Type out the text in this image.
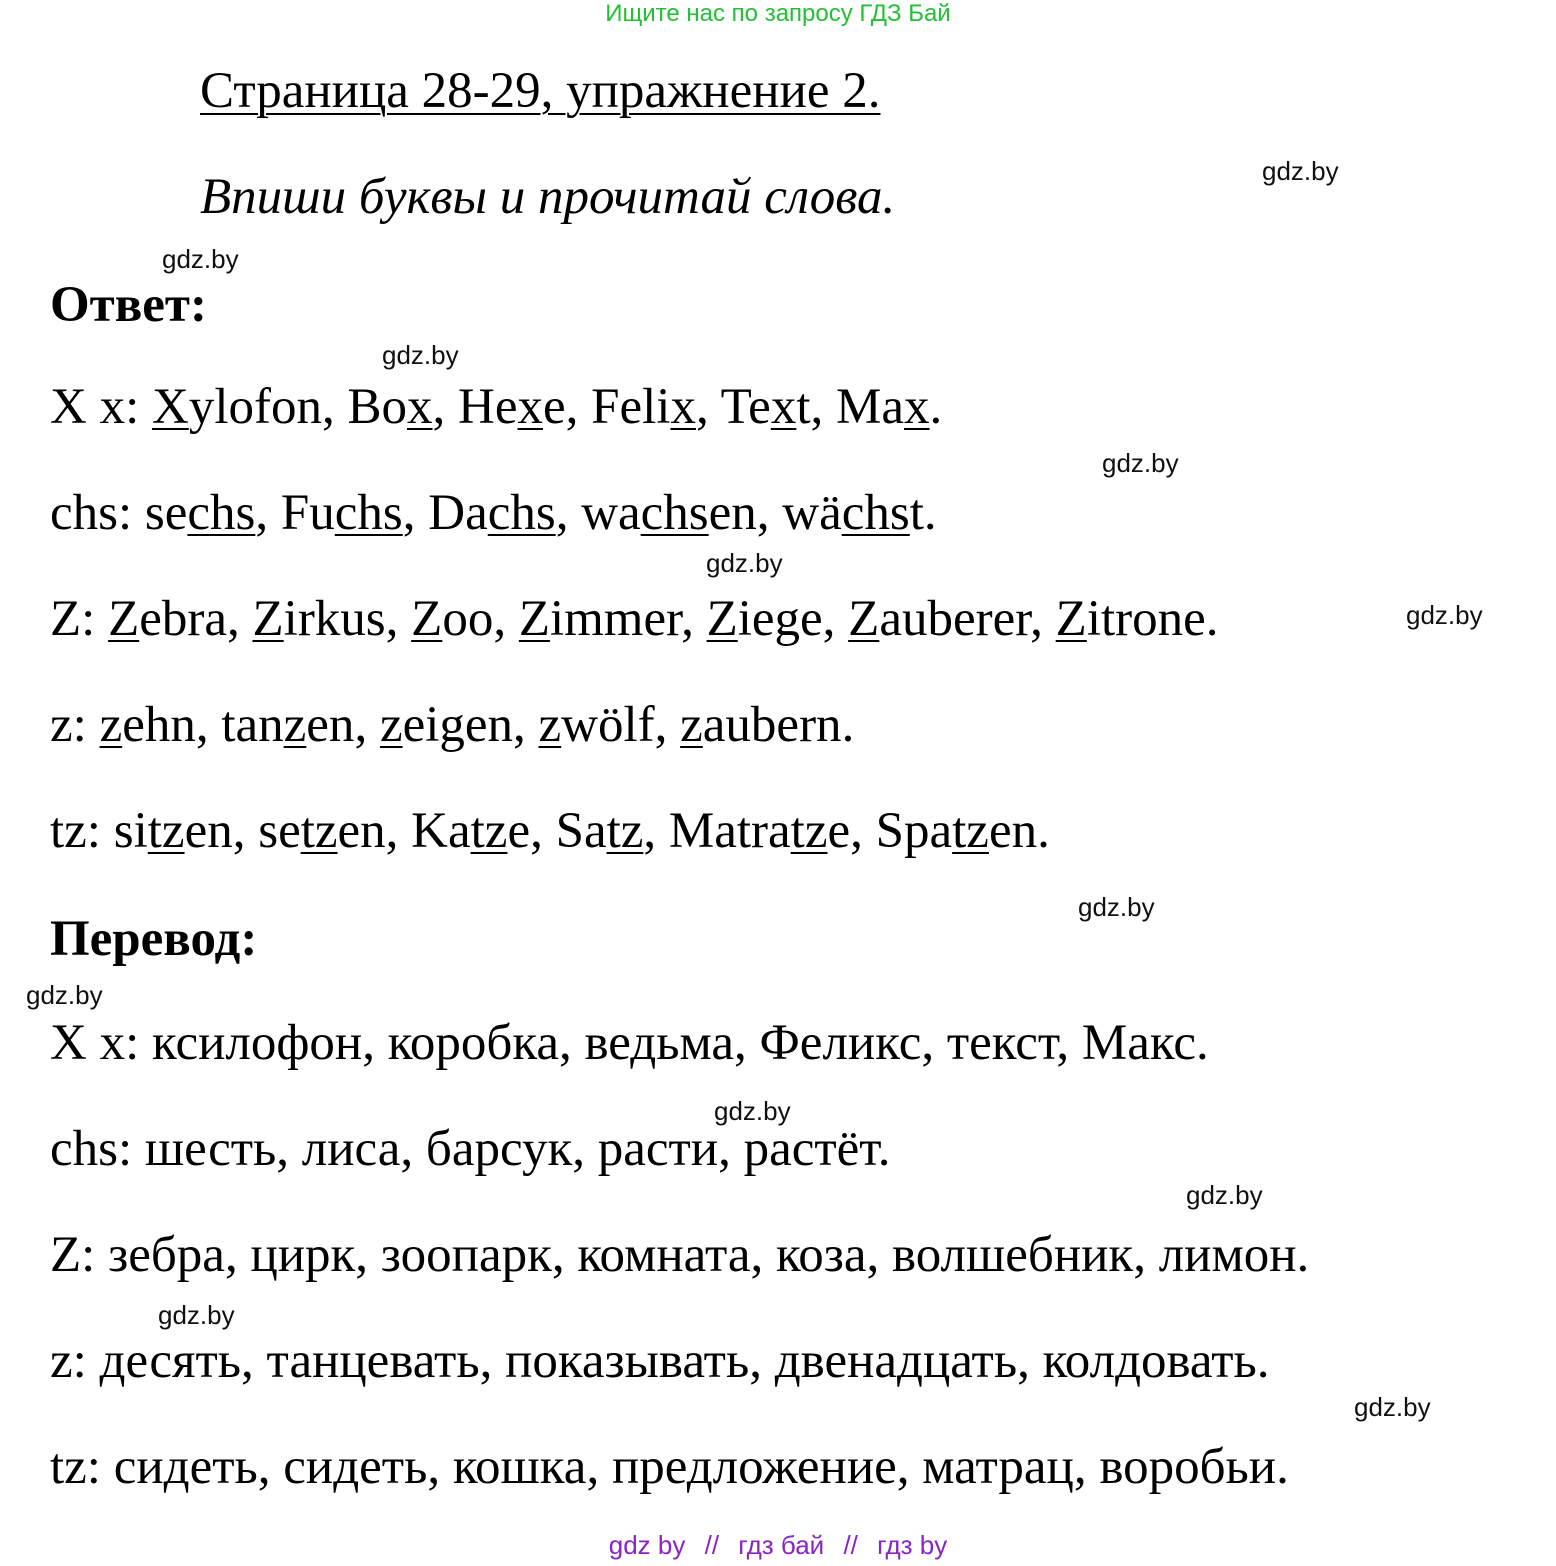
Ищите нас по запросу ГДЗ Бай
Страница 28-29, упражнение 2.
Впиши буквы и прочитай слова.
Ответ:
X x: Xylofon, Box, Hexe, Felix, Text, Max.
chs: sechs, Fuchs, Dachs, wachsen, wächst.
Z: Zebra, Zirkus, Zoo, Zimmer, Ziege, Zauberer, Zitrone.
z: zehn, tanzen, zeigen, zwölf, zaubern.
tz: sitzen, setzen, Katze, Satz, Matratze, Spatzen.
Перевод:
X x: ксилофон, коробка, ведьма, Феликс, текст, Макс.
chs: шесть, лиса, барсук, расти, растёт.
Z: зебра, цирк, зоопарк, комната, коза, волшебник, лимон.
z: десять, танцевать, показывать, двенадцать, колдовать.
tz: сидеть, сидеть, кошка, предложение, матрац, воробьи.
gdz.by
gdz.by
gdz.by
gdz.by
gdz.by
gdz.by
gdz.by
gdz.by
gdz.by
gdz.by
gdz.by
gdz.by
gdz by // гдз бай // гдз by
